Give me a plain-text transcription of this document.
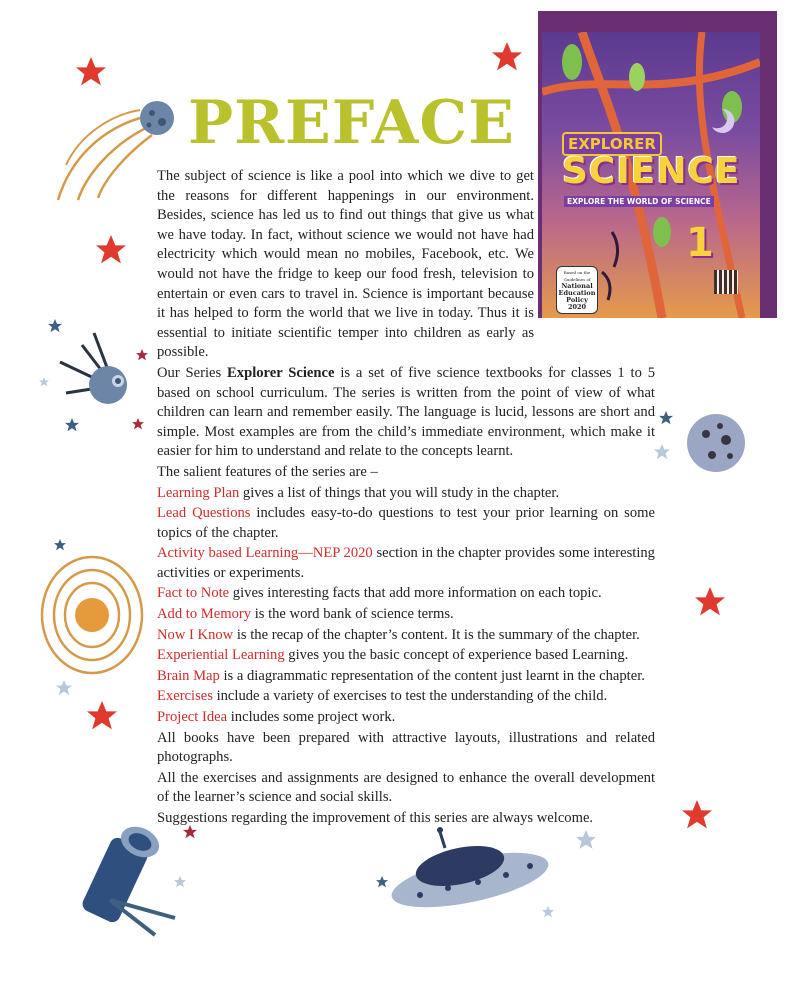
EXPLORER
SCIENCE
EXPLORE THE WORLD OF SCIENCE
1
Based on the Guidelines of
National
Education
Policy 2020
PREFACE

The subject of science is like a pool into which we dive to get the reasons for different happenings in our environment. Besides, science has led us to find out things that give us what we have today. In fact, without science we would not have had electricity which would mean no mobiles, Facebook, etc. We would not have the fridge to keep our food fresh, television to entertain or even cars to travel in. Science is important because it has helped to form the world that we live in today. Thus it is essential to initiate scientific temper into children as early as possible.

Our Series Explorer Science is a set of five science textbooks for classes 1 to 5 based on school curriculum. The series is written from the point of view of what children can learn and remember easily. The language is lucid, lessons are short and simple. Most examples are from the child’s immediate environment, which make it easier for him to understand and relate to the concepts learnt.

The salient features of the series are –

Learning Plan gives a list of things that you will study in the chapter.

Lead Questions includes easy-to-do questions to test your prior learning on some topics of the chapter.

Activity based Learning—NEP 2020 section in the chapter provides some interesting activities or experiments.

Fact to Note gives interesting facts that add more information on each topic.

Add to Memory is the word bank of science terms.

Now I Know is the recap of the chapter’s content. It is the summary of the chapter.

Experiential Learning gives you the basic concept of experience based Learning.

Brain Map is a diagrammatic representation of the content just learnt in the chapter.

Exercises include a variety of exercises to test the understanding of the child.

Project Idea includes some project work.

All books have been prepared with attractive layouts, illustrations and related photographs.

All the exercises and assignments are designed to enhance the overall development of the learner’s science and social skills.

Suggestions regarding the improvement of this series are always welcome.
